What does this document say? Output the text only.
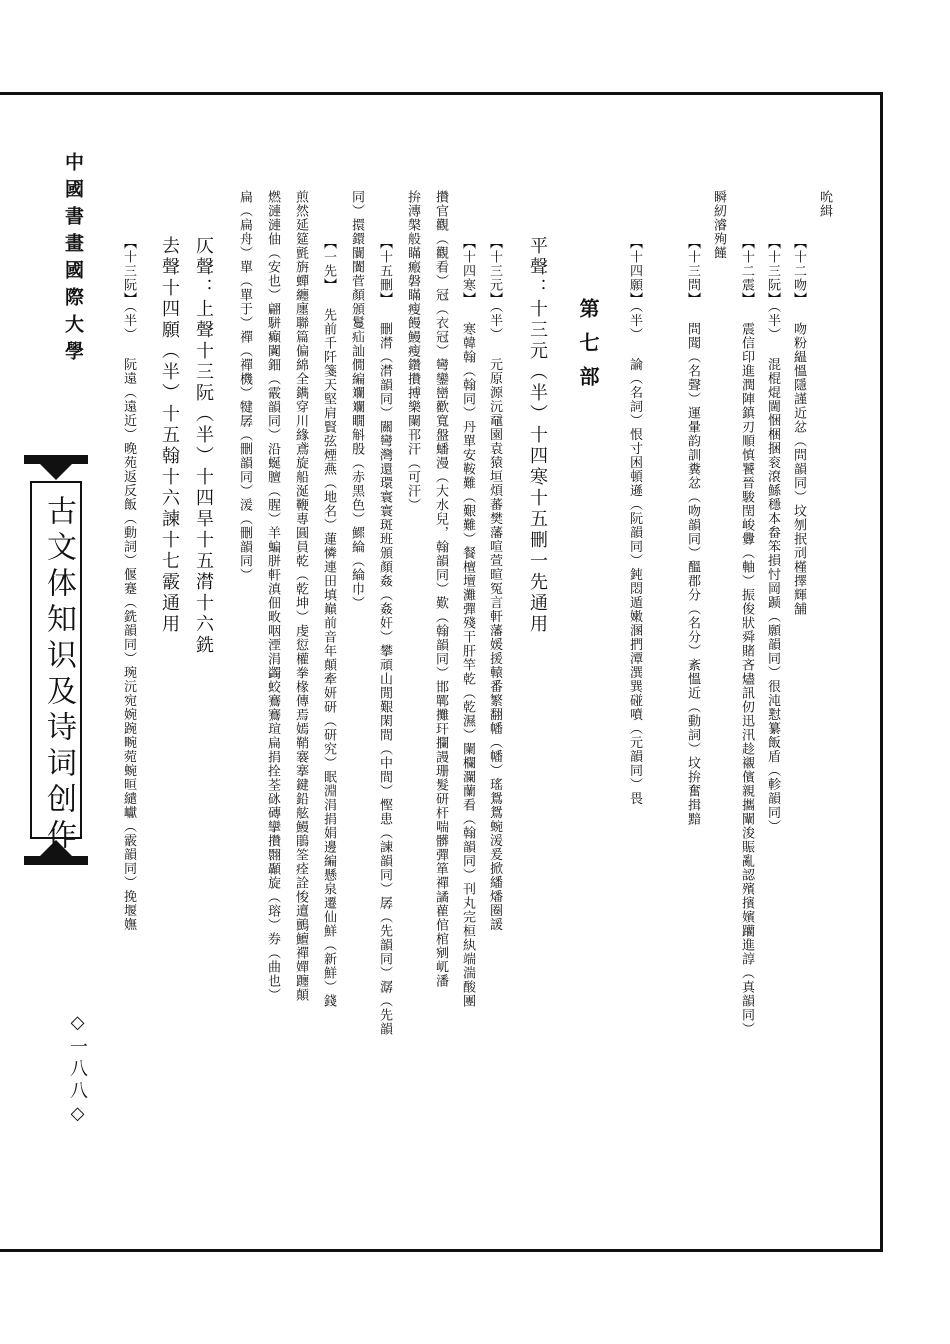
中國書畫國際大學
古文体知识及诗词创作
◇一八八◇
吮緝
【十二吻】 吻粉緼慍隱謹近忿（問韻同）坟刎抿刓槿擇輝舗
【十三阮】（半） 混棍焜閫悃梱捆衮滾鯀穩本畚笨損忖岡踬（願韻同）很沌懟纂飯盾（軫韻同）
【十二震】 震信印進潤陣鎮刃順慎饕晉駿閏峻釁（軸）振俊狀舜賭吝燼訊仞迅汛趁襯儐親攜闡浚賑亂認殯擯嬪躪進諄（真韻同）
瞬紉濬殉饉
【十三問】 問聞（名聲）運暈韵訓糞忿（吻韻同）醞郡分（名分）紊慍近（動詞）坟拚奮揖黯
【十四願】（半） 論（名詞）恨寸困頓遜（阮韻同）鈍悶遁嫩溷捫潭潠巽碰噴（元韻同）畏
第七部
平聲：十三元（半）十四寒十五刪一先通用
【十三元】（半） 元原源沅黿園袁猿垣煩蕃樊藩喧萱暄冤言軒藩媛援轅番繁翻幡（幡）瑤鴛鴛蜿湲爰掀繙燔圈諼
【十四寒】 寒韓翰（翰同）丹單安鞍難（艱難）餐檀壇灘彈殘干肝竿乾（乾濕）闌欄瀾蘭看（翰韻同）刊丸完桓紈端湍酸團
攢官觀（觀看）冠（衣冠）彎鑾巒歡寬盤蟠漫（大水兒，翰韻同）歎（翰韻同）邯鄲攤玕攔謾珊髮研杆喘髒彈箪禪譎雚倌棺剜屼潘
拚漙槃般瞞瘢磐瞞瘦饅鰻瘦鑽攢搏樂闌邗汗（可汗）
【十五刪】 刪潸（潸韻同）關彎灣還環寰寰斑班頒顏姦（姦奸）攀頑山閒艱閑間（中間）慳患（諫韻同）孱（先韻同）潺（先韻
同）擐鐶闤闠菅顏頒鬘疝訕僩編斕斕瞯斛殷（赤黑色）鰥綸（綸巾）
【一先】 先前千阡箋天堅肩賢弦煙燕（地名）蓮憐連田填巔前音年顛牽妍研（研究）眠淵涓捐娟邊編懸泉遷仙鮮（新鮮）錢
煎然延筵氈旃蟬纏廛聯篇偏綿全鐫穿川緣鳶旋船涎鞭專圓員乾（乾坤）虔愆權拳椽傳焉嫣鞘褰搴鍵鉛舷鰻鵑筌痊詮悛邅鸇鱣禪嬋躔顛
燃漣漣伷（安也）翩駢癲闐鈿（霰韻同）沿蜒膻（腥）羊蝙胼軒滇佃畋咽湮涓蠲蛟鶱鶱瑄扁捐拴荃砯磚攣攢翾顳旋（瑢）券（曲也）
扁（扁舟）單（單于）禪（禪機）犍孱（刪韻同）湲（刪韻同）
仄聲：上聲十三阮（半）十四旱十五潸十六銑
去聲十四願（半）十五翰十六諫十七霰通用
【十三阮】（半） 阮遠（遠近）晚苑返反飯（動詞）偃蹇（銑韻同）琬沅宛婉踠畹菀蜿晅繾巘（霰韻同）挽堰嫵
